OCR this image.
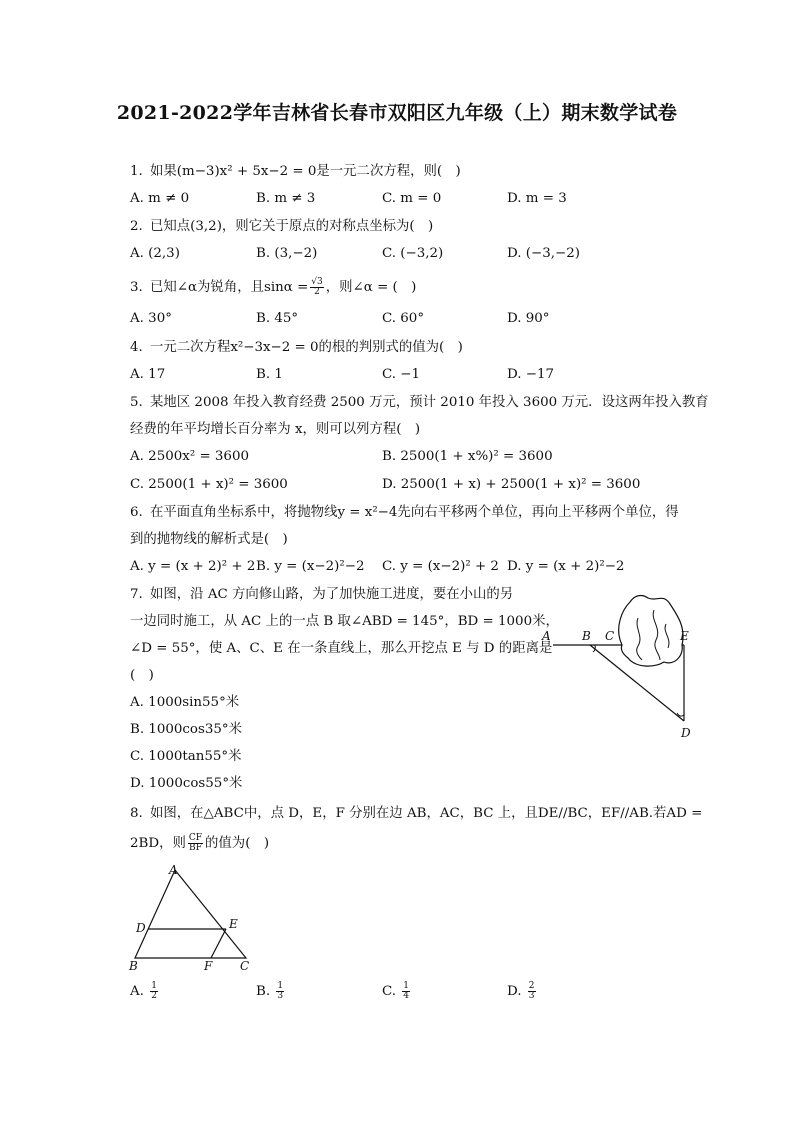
2021-2022学年吉林省长春市双阳区九年级（上）期末数学试卷
1. 如果(m−3)x² + 5x−2 = 0是一元二次方程，则(　)
A. m ≠ 0	B. m ≠ 3	C. m = 0	D. m = 3
2. 已知点(3,2)，则它关于原点的对称点坐标为(　)
A. (2,3)	B. (3,−2)	C. (−3,2)	D. (−3,−2)
3. 已知∠α为锐角，且$\sin\alpha = \frac{√3}{2}$ ，则∠α = (　)
A. 30°	B. 45°	C. 60°	D. 90°
4. 一元二次方程x²−3x−2 = 0的根的判别式的值为(　)
A. 17	B. 1	C. −1	D. −17
5. 某地区 2008 年投入教育经费 2500 万元，预计 2010 年投入 3600 万元．设这两年投入教育
经费的年平均增长百分率为 x，则可以列方程(　)
A. 2500x² = 3600	B. 2500(1 + x%)² = 3600
C. 2500(1 + x)² = 3600	D. 2500(1 + x) + 2500(1 + x)² = 3600
6. 在平面直角坐标系中，将抛物线y = x²−4先向右平移两个单位，再向上平移两个单位，得
到的抛物线的解析式是(　)
A. y = (x + 2)² + 2 B. y = (x−2)²−2 C. y = (x−2)² + 2 D. y = (x + 2)²−2
7. 如图，沿 AC 方向修山路，为了加快施工进度，要在小山的另
一边同时施工，从 AC 上的一点 B 取∠ABD = 145°，BD = 1000米，
∠D = 55°，使 A、C、E 在一条直线上，那么开挖点 E 与 D 的距离是
(　)
A. 1000sin55°米
B. 1000cos35°米
C. 1000tan55°米
D. 1000cos55°米
A	B C	E
D
8. 如图，在△ABC中，点 D，E，F 分别在边 AB，AC，BC 上，且DE//BC，EF//AB.若AD =
2BD，则 $\frac{CF}{BF}$ 的值为(　)
A
D	E
B	F C
A. $\frac{1}{2}$	B. $\frac{1}{3}$	C. $\frac{1}{4}$	D. $\frac{2}{3}$
